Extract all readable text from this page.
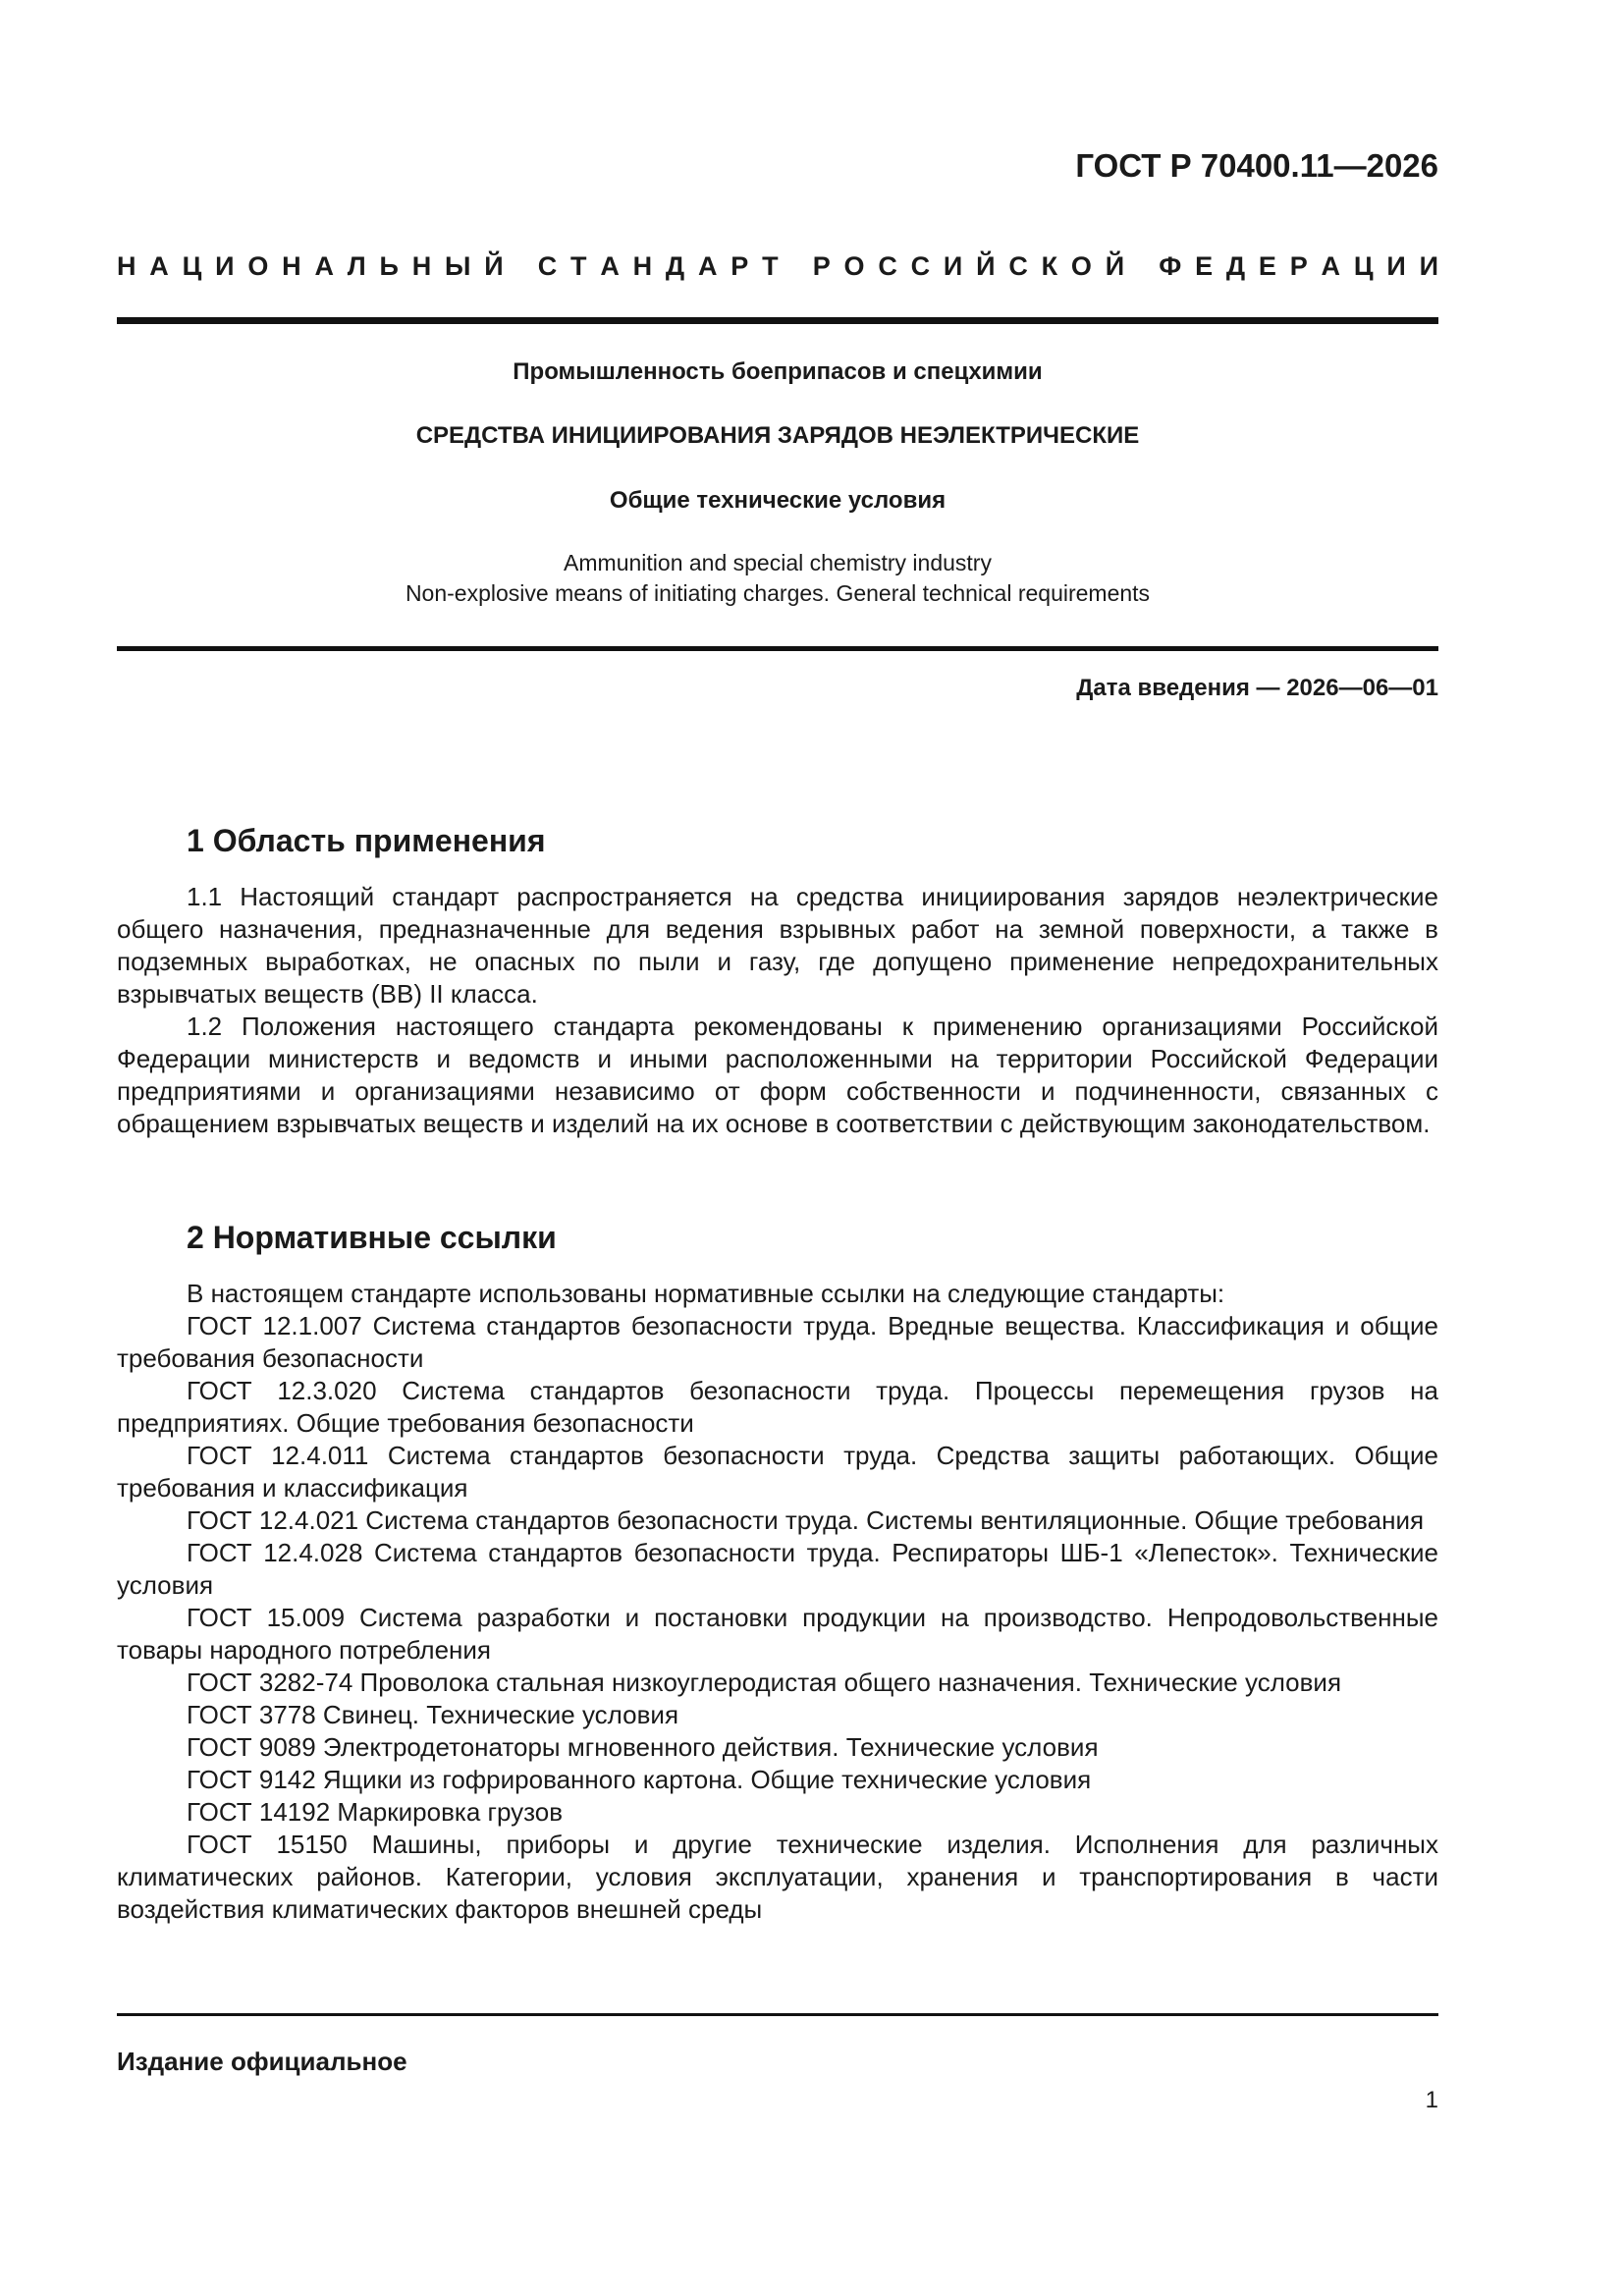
ГОСТ Р 70400.11—2026
Н А Ц И О Н А Л Ь Н Ы Й
С Т А Н Д А Р Т
Р О С С И Й С К О Й
Ф Е Д Е Р А Ц И И
Промышленность боеприпасов и спецхимии
СРЕДСТВА ИНИЦИИРОВАНИЯ ЗАРЯДОВ НЕЭЛЕКТРИЧЕСКИЕ
Общие технические условия
Ammunition and special chemistry industry
Non-explosive means of initiating charges. General technical requirements
Дата введения — 2026—06—01
1 Область применения

1.1 Настоящий стандарт распространяется на средства инициирования зарядов неэлектрические общего назначения, предназначенные для ведения взрывных работ на земной поверхности, а также в подземных выработках, не опасных по пыли и газу, где допущено применение непредохранительных взрывчатых веществ (ВВ) II класса.

1.2 Положения настоящего стандарта рекомендованы к применению организациями Российской Федерации министерств и ведомств и иными расположенными на территории Российской Федерации предприятиями и организациями независимо от форм собственности и подчиненности, связанных с обращением взрывчатых веществ и изделий на их основе в соответствии с действующим законодательством.

2 Нормативные ссылки

В настоящем стандарте использованы нормативные ссылки на следующие стандарты:

ГОСТ 12.1.007 Система стандартов безопасности труда. Вредные вещества. Классификация и общие требования безопасности

ГОСТ 12.3.020 Система стандартов безопасности труда. Процессы перемещения грузов на предприятиях. Общие требования безопасности

ГОСТ 12.4.011 Система стандартов безопасности труда. Средства защиты работающих. Общие требования и классификация

ГОСТ 12.4.021 Система стандартов безопасности труда. Системы вентиляционные. Общие требования

ГОСТ 12.4.028 Система стандартов безопасности труда. Респираторы ШБ-1 «Лепесток». Технические условия

ГОСТ 15.009 Система разработки и постановки продукции на производство. Непродовольственные товары народного потребления

ГОСТ 3282-74 Проволока стальная низкоуглеродистая общего назначения. Технические условия

ГОСТ 3778 Свинец. Технические условия

ГОСТ 9089 Электродетонаторы мгновенного действия. Технические условия

ГОСТ 9142 Ящики из гофрированного картона. Общие технические условия

ГОСТ 14192 Маркировка грузов

ГОСТ 15150 Машины, приборы и другие технические изделия. Исполнения для различных климатических районов. Категории, условия эксплуатации, хранения и транспортирования в части воздействия климатических факторов внешней среды

Издание официальное
1
